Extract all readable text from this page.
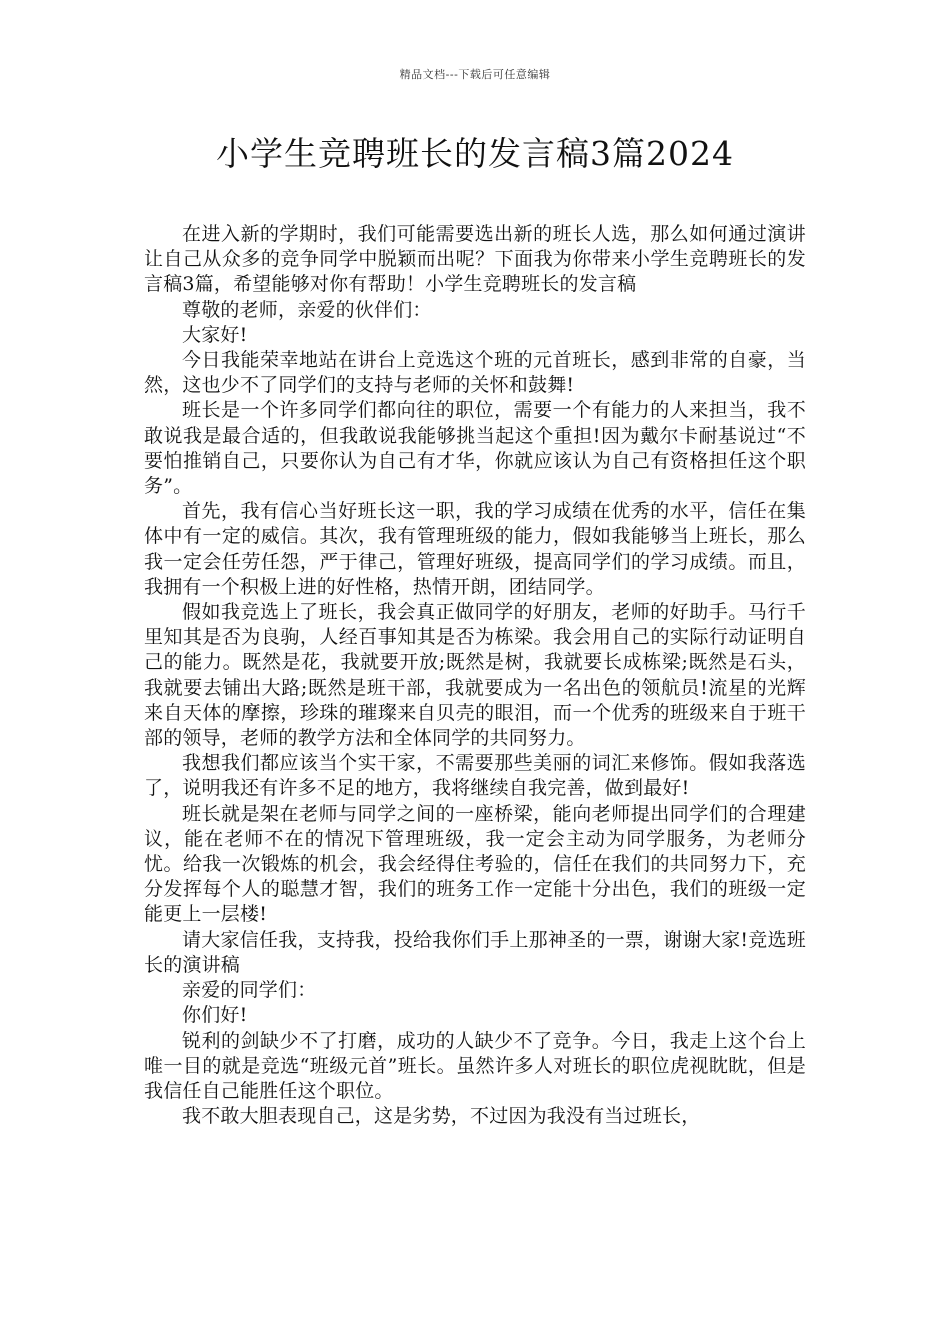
精品文档---下载后可任意编辑
小学生竞聘班长的发言稿3篇2024

在进入新的学期时，我们可能需要选出新的班长人选，那么如何通过演讲让自己从众多的竞争同学中脱颖而出呢？下面我为你带来小学生竞聘班长的发言稿3篇，希望能够对你有帮助！小学生竞聘班长的发言稿

尊敬的老师，亲爱的伙伴们：

大家好!

今日我能荣幸地站在讲台上竞选这个班的元首班长，感到非常的自豪，当然，这也少不了同学们的支持与老师的关怀和鼓舞!

班长是一个许多同学们都向往的职位，需要一个有能力的人来担当，我不敢说我是最合适的，但我敢说我能够挑当起这个重担!因为戴尔卡耐基说过“不要怕推销自己，只要你认为自己有才华，你就应该认为自己有资格担任这个职务”。

首先，我有信心当好班长这一职，我的学习成绩在优秀的水平，信任在集体中有一定的威信。其次，我有管理班级的能力，假如我能够当上班长，那么我一定会任劳任怨，严于律己，管理好班级，提高同学们的学习成绩。而且，我拥有一个积极上进的好性格，热情开朗，团结同学。

假如我竞选上了班长，我会真正做同学的好朋友，老师的好助手。马行千里知其是否为良驹，人经百事知其是否为栋梁。我会用自己的实际行动证明自己的能力。既然是花，我就要开放;既然是树，我就要长成栋梁;既然是石头，我就要去铺出大路;既然是班干部，我就要成为一名出色的领航员!流星的光辉来自天体的摩擦，珍珠的璀璨来自贝壳的眼泪，而一个优秀的班级来自于班干部的领导，老师的教学方法和全体同学的共同努力。

我想我们都应该当个实干家，不需要那些美丽的词汇来修饰。假如我落选了，说明我还有许多不足的地方，我将继续自我完善，做到最好!

班长就是架在老师与同学之间的一座桥梁，能向老师提出同学们的合理建议，能在老师不在的情况下管理班级，我一定会主动为同学服务，为老师分忧。给我一次锻炼的机会，我会经得住考验的，信任在我们的共同努力下，充分发挥每个人的聪慧才智，我们的班务工作一定能十分出色，我们的班级一定能更上一层楼!

请大家信任我，支持我，投给我你们手上那神圣的一票，谢谢大家!竞选班长的演讲稿

亲爱的同学们：

你们好!

锐利的剑缺少不了打磨，成功的人缺少不了竞争。今日，我走上这个台上唯一目的就是竞选“班级元首”班长。虽然许多人对班长的职位虎视眈眈，但是我信任自己能胜任这个职位。

我不敢大胆表现自己，这是劣势，不过因为我没有当过班长，
